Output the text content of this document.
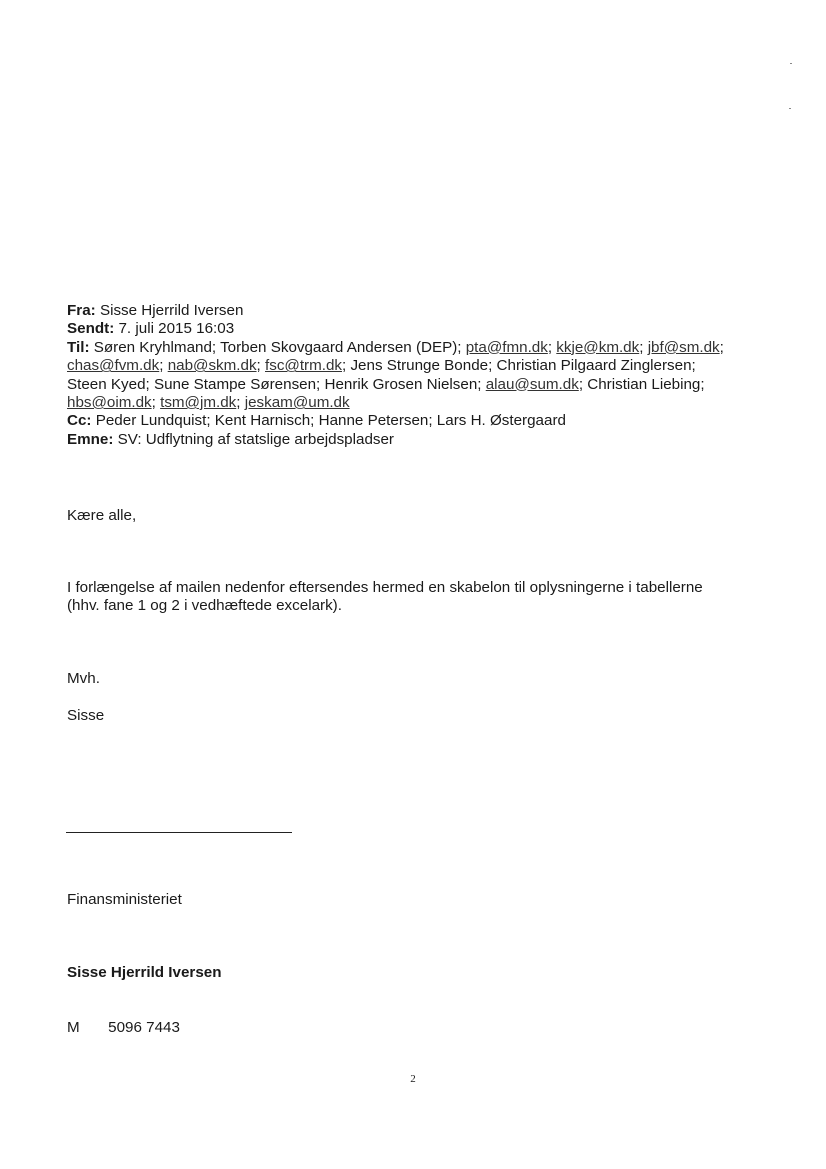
Fra: Sisse Hjerrild Iversen
Sendt: 7. juli 2015 16:03
Til: Søren Kryhlmand; Torben Skovgaard Andersen (DEP); pta@fmn.dk; kkje@km.dk; jbf@sm.dk;
chas@fvm.dk; nab@skm.dk; fsc@trm.dk; Jens Strunge Bonde; Christian Pilgaard Zinglersen;
Steen Kyed; Sune Stampe Sørensen; Henrik Grosen Nielsen; alau@sum.dk; Christian Liebing;
hbs@oim.dk; tsm@jm.dk; jeskam@um.dk
Cc: Peder Lundquist; Kent Harnisch; Hanne Petersen; Lars H. Østergaard
Emne: SV: Udflytning af statslige arbejdspladser
Kære alle,
I forlængelse af mailen nedenfor eftersendes hermed en skabelon til oplysningerne i tabellerne
(hhv. fane 1 og 2 i vedhæftede excelark).
Mvh.
Sisse
Finansministeriet
Sisse Hjerrild Iversen
M 5096 7443
2
